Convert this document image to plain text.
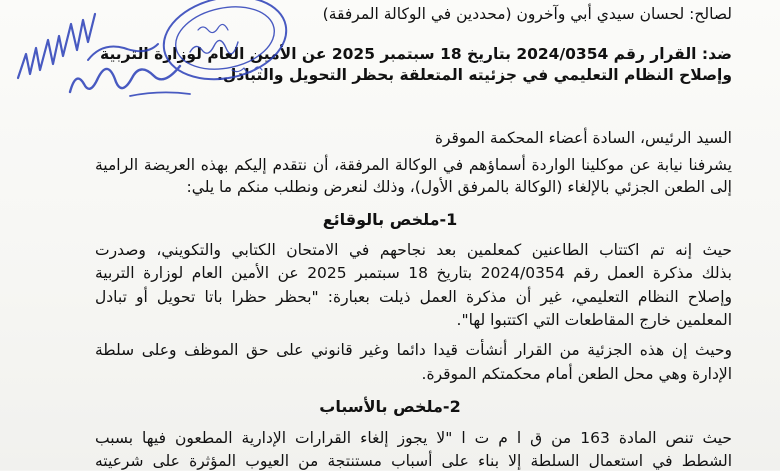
لصالح: لحسان سيدي أبي وآخرون (محددين في الوكالة المرفقة)
ضد: القرار رقم 2024/0354 بتاريخ 18 سبتمبر 2025 عن الأمين العام لوزارة التربية
وإصلاح النظام التعليمي في جزئيته المتعلقة بحظر التحويل والتبادل.
السيد الرئيس، السادة أعضاء المحكمة الموقرة
يشرفنا نيابة عن موكلينا الواردة أسماؤهم في الوكالة المرفقة، أن نتقدم إليكم بهذه العريضة الرامية
إلى الطعن الجزئي بالإلغاء (الوكالة بالمرفق الأول)، وذلك لنعرض ونطلب منكم ما يلي:
1-ملخص بالوقائع
حيث إنه تم اكتتاب الطاعنين كمعلمين بعد نجاحهم في الامتحان الكتابي والتكويني، وصدرت
بذلك مذكرة العمل رقم 2024/0354 بتاريخ 18 سبتمبر 2025 عن الأمين العام لوزارة التربية
وإصلاح النظام التعليمي، غير أن مذكرة العمل ذيلت بعبارة: "بحظر حظرا باتا تحويل أو تبادل
المعلمين خارج المقاطعات التي اكتتبوا لها".
وحيث إن هذه الجزئية من القرار أنشأت قيدا دائما وغير قانوني على حق الموظف وعلى سلطة
الإدارة وهي محل الطعن أمام محكمتكم الموقرة.
2-ملخص بالأسباب
حيث تنص المادة 163 من ق ا م ت ا "لا يجوز إلغاء القرارات الإدارية المطعون فيها بسبب
الشطط في استعمال السلطة إلا بناء على أسباب مستنتجة من العيوب المؤثرة على شرعيته
